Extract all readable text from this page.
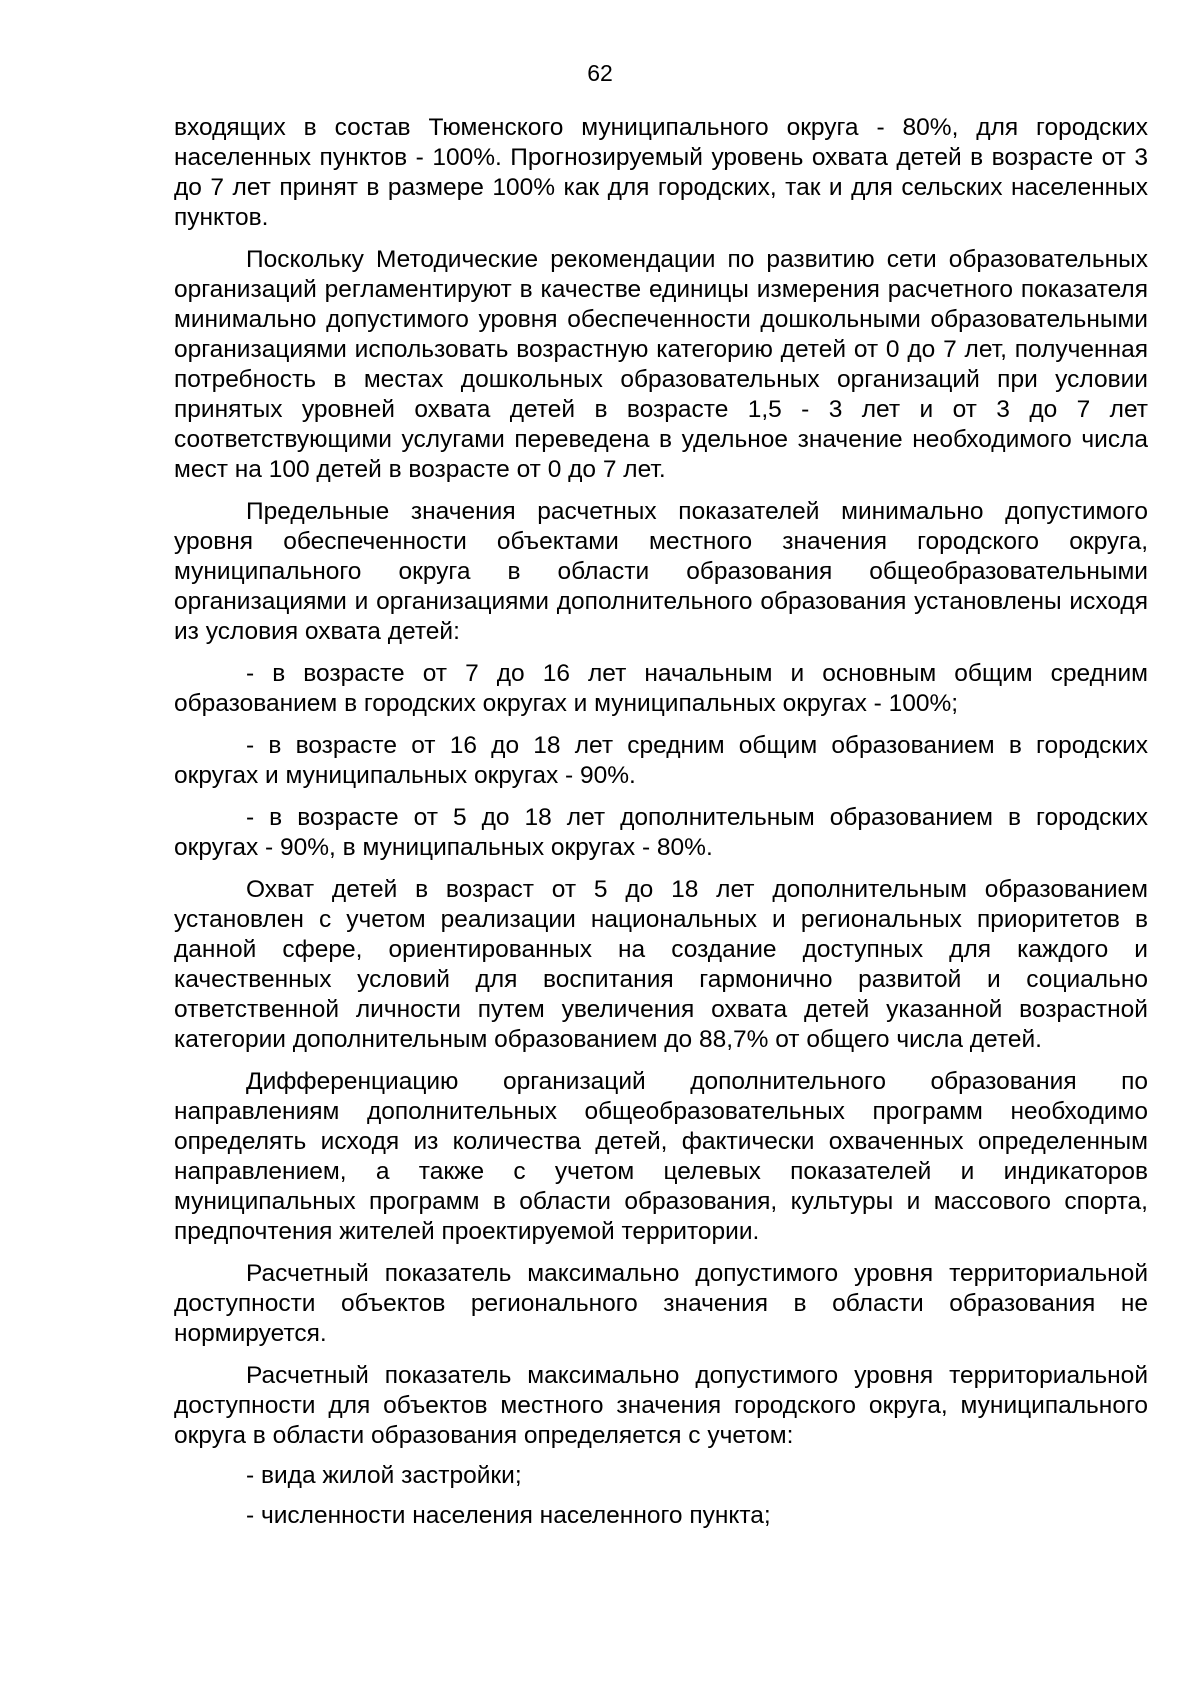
62

входящих в состав Тюменского муниципального округа - 80%, для городских населенных пунктов - 100%. Прогнозируемый уровень охвата детей в возрасте от 3 до 7 лет принят в размере 100% как для городских, так и для сельских населенных пунктов.

Поскольку Методические рекомендации по развитию сети образовательных организаций регламентируют в качестве единицы измерения расчетного показателя минимально допустимого уровня обеспеченности дошкольными образовательными организациями использовать возрастную категорию детей от 0 до 7 лет, полученная потребность в местах дошкольных образовательных организаций при условии принятых уровней охвата детей в возрасте 1,5 - 3 лет и от 3 до 7 лет соответствующими услугами переведена в удельное значение необходимого числа мест на 100 детей в возрасте от 0 до 7 лет.

Предельные значения расчетных показателей минимально допустимого уровня обеспеченности объектами местного значения городского округа, муниципального округа в области образования общеобразовательными организациями и организациями дополнительного образования установлены исходя из условия охвата детей:

- в возрасте от 7 до 16 лет начальным и основным общим средним образованием в городских округах и муниципальных округах - 100%;

- в возрасте от 16 до 18 лет средним общим образованием в городских округах и муниципальных округах - 90%.

- в возрасте от 5 до 18 лет дополнительным образованием в городских округах - 90%, в муниципальных округах - 80%.

Охват детей в возраст от 5 до 18 лет дополнительным образованием установлен с учетом реализации национальных и региональных приоритетов в данной сфере, ориентированных на создание доступных для каждого и качественных условий для воспитания гармонично развитой и социально ответственной личности путем увеличения охвата детей указанной возрастной категории дополнительным образованием до 88,7% от общего числа детей.

Дифференциацию организаций дополнительного образования по направлениям дополнительных общеобразовательных программ необходимо определять исходя из количества детей, фактически охваченных определенным направлением, а также с учетом целевых показателей и индикаторов муниципальных программ в области образования, культуры и массового спорта, предпочтения жителей проектируемой территории.

Расчетный показатель максимально допустимого уровня территориальной доступности объектов регионального значения в области образования не нормируется.

Расчетный показатель максимально допустимого уровня территориальной доступности для объектов местного значения городского округа, муниципального округа в области образования определяется с учетом:

- вида жилой застройки;

- численности населения населенного пункта;
